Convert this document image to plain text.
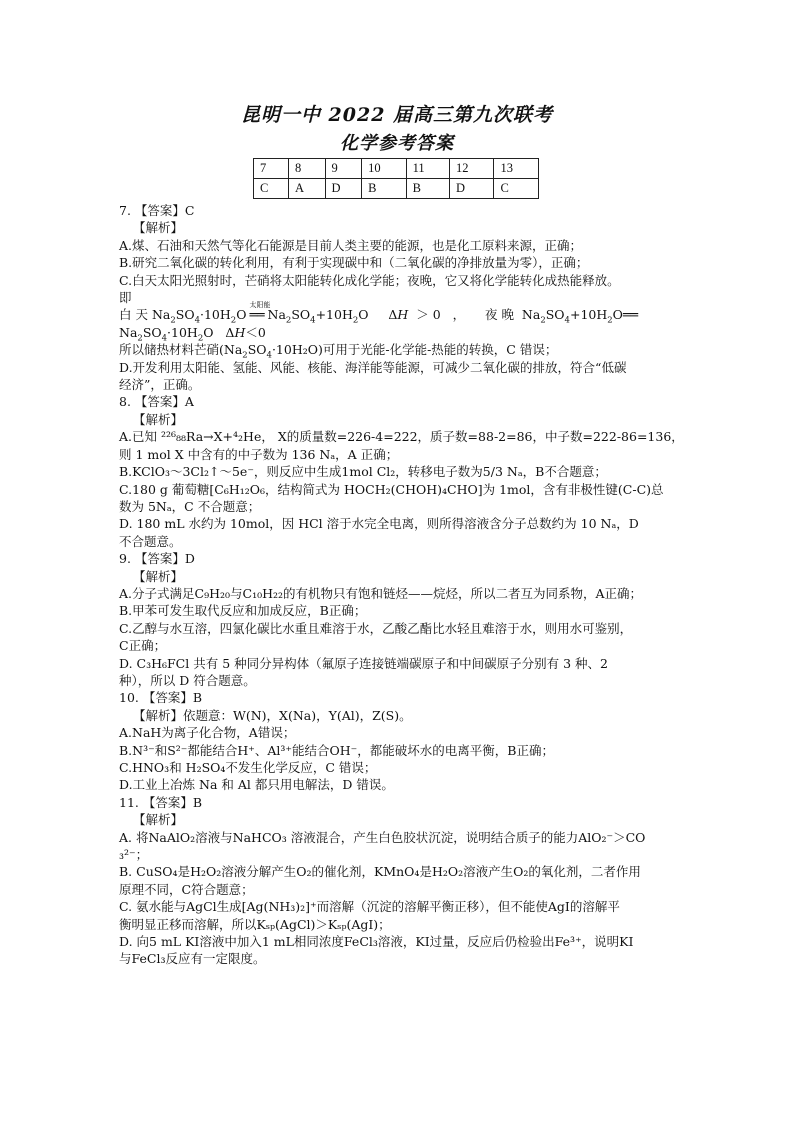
昆明一中 2022 届高三第九次联考
化学参考答案
7	8	9	10	11	12	13
C	A	D	B	B	D	C

7. 【答案】C

【解析】

A.煤、石油和天然气等化石能源是目前人类主要的能源，也是化工原料来源，正确；

B.研究二氧化碳的转化利用，有利于实现碳中和（二氧化碳的净排放量为零），正确；

C.白天太阳光照射时，芒硝将太阳能转化成化学能；夜晚，它又将化学能转化成热能释放。

即

白 天 $Na_2SO_4\cdot 10H_2O$
太阳能
══ $Na_2SO_4+10H_2O$     ΔH  ＞ 0   ，     夜 晚  $Na_2SO_4+10H_2O══$

$Na_2SO_4\cdot 10H_2O$   ΔH＜0

所以储热材料芒硝$(Na_2SO_4\cdot 10H_2O)$可用于光能-化学能-热能的转换，C 错误；

D.开发利用太阳能、氢能、风能、核能、海洋能等能源，可减少二氧化碳的排放，符合“低碳

经济”，正确。

8. 【答案】A

【解析】

A.已知 ²²⁶₈₈Ra→X+⁴₂He， X的质量数=226-4=222，质子数=88-2=86，中子数=222-86=136，

则 1 mol X 中含有的中子数为 136 Nₐ，A 正确；

B.KClO₃～3Cl₂↑～5e⁻，则反应中生成1mol Cl₂，转移电子数为5/3 Nₐ，B不合题意；

C.180 g 葡萄糖[C₆H₁₂O₆，结构简式为 HOCH₂(CHOH)₄CHO]为 1mol，含有非极性键(C-C)总

数为 5Nₐ，C 不合题意；

D. 180 mL 水约为 10mol，因 HCl 溶于水完全电离，则所得溶液含分子总数约为 10 Nₐ，D

不合题意。

9. 【答案】D

【解析】

A.分子式满足C₉H₂₀与C₁₀H₂₂的有机物只有饱和链烃——烷烃，所以二者互为同系物，A正确；

B.甲苯可发生取代反应和加成反应，B正确；

C.乙醇与水互溶，四氯化碳比水重且难溶于水，乙酸乙酯比水轻且难溶于水，则用水可鉴别，

C正确；

D. C₃H₆FCl 共有 5 种同分异构体（氟原子连接链端碳原子和中间碳原子分别有 3 种、2

种），所以 D 符合题意。

10. 【答案】B

【解析】依题意：W(N)，X(Na)，Y(Al)，Z(S)。

A.NaH为离子化合物，A错误；

B.N³⁻和S²⁻都能结合H⁺、Al³⁺能结合OH⁻，都能破坏水的电离平衡，B正确；

C.HNO₃和 H₂SO₄不发生化学反应，C 错误；

D.工业上冶炼 Na 和 Al 都只用电解法，D 错误。

11. 【答案】B

【解析】

A. 将NaAlO₂溶液与NaHCO₃ 溶液混合，产生白色胶状沉淀，说明结合质子的能力AlO₂⁻＞CO

₃²⁻；

B. CuSO₄是H₂O₂溶液分解产生O₂的催化剂，KMnO₄是H₂O₂溶液产生O₂的氧化剂，二者作用

原理不同，C符合题意；

C. 氨水能与AgCl生成[Ag(NH₃)₂]⁺而溶解（沉淀的溶解平衡正移），但不能使AgI的溶解平

衡明显正移而溶解，所以Kₛₚ(AgCl)＞Kₛₚ(AgI)；

D. 向5 mL KI溶液中加入1 mL相同浓度FeCl₃溶液，KI过量，反应后仍检验出Fe³⁺，说明KI

与FeCl₃反应有一定限度。
